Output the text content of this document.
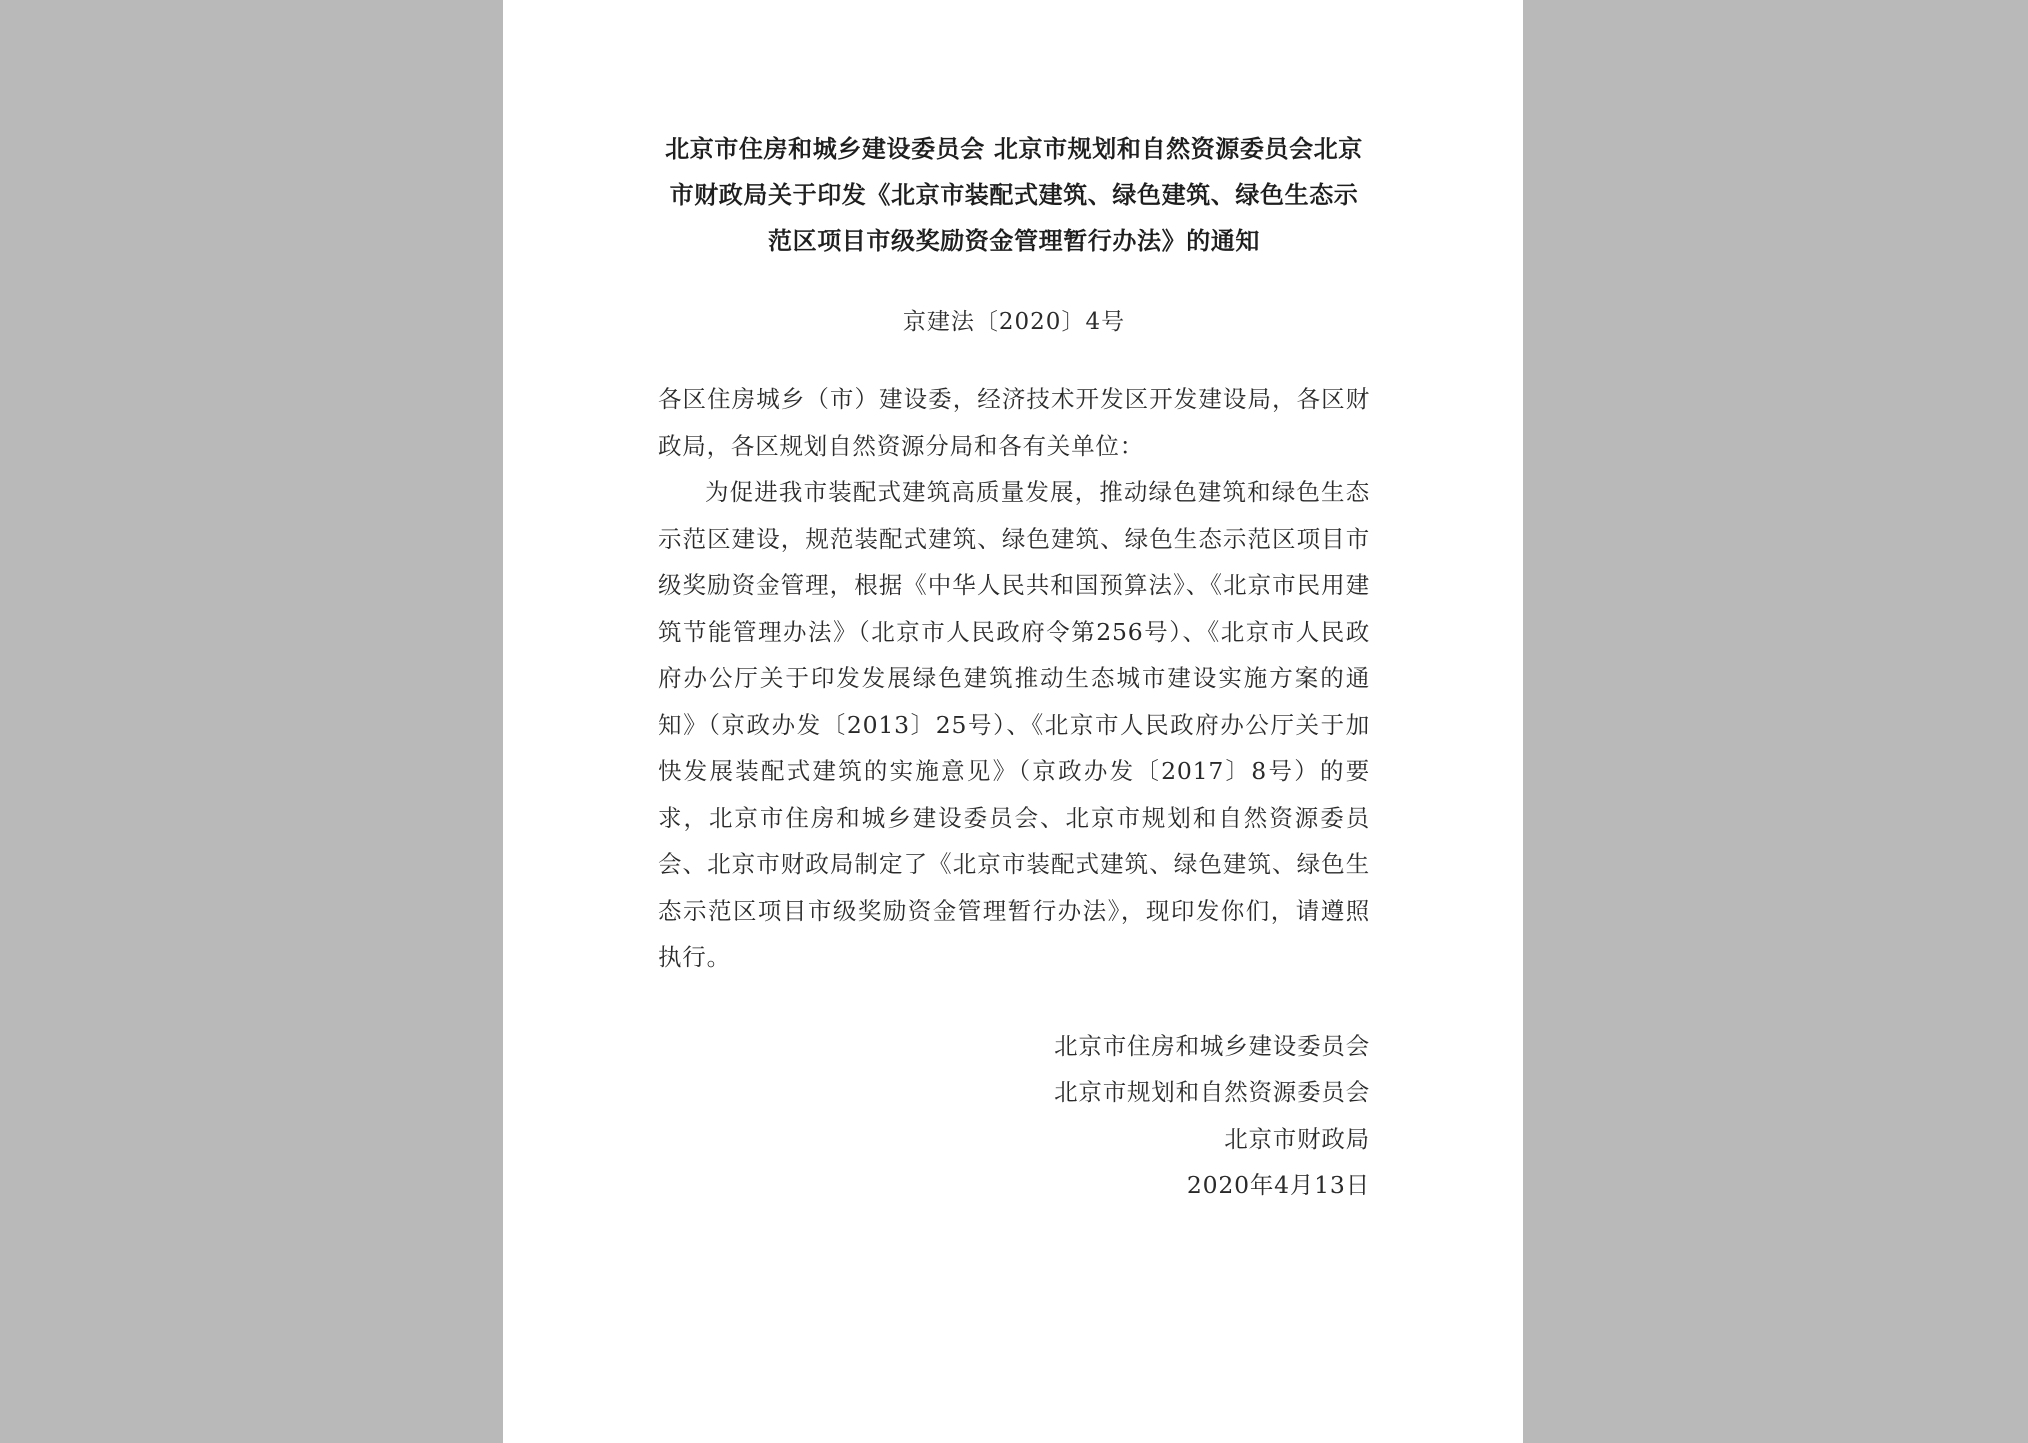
北京市住房和城乡建设委员会 北京市规划和自然资源委员会北京市财政局关于印发《北京市装配式建筑、绿色建筑、绿色生态示范区项目市级奖励资金管理暂行办法》的通知
京建法〔2020〕4号

各区住房城乡（市）建设委，经济技术开发区开发建设局，各区财政局，各区规划自然资源分局和各有关单位：

为促进我市装配式建筑高质量发展，推动绿色建筑和绿色生态示范区建设，规范装配式建筑、绿色建筑、绿色生态示范区项目市级奖励资金管理，根据《中华人民共和国预算法》、《北京市民用建筑节能管理办法》（北京市人民政府令第256号）、《北京市人民政府办公厅关于印发发展绿色建筑推动生态城市建设实施方案的通知》（京政办发〔2013〕25号）、《北京市人民政府办公厅关于加快发展装配式建筑的实施意见》（京政办发〔2017〕8号）的要求，北京市住房和城乡建设委员会、北京市规划和自然资源委员会、北京市财政局制定了《北京市装配式建筑、绿色建筑、绿色生态示范区项目市级奖励资金管理暂行办法》，现印发你们，请遵照执行。

北京市住房和城乡建设委员会
北京市规划和自然资源委员会
北京市财政局
2020年4月13日
